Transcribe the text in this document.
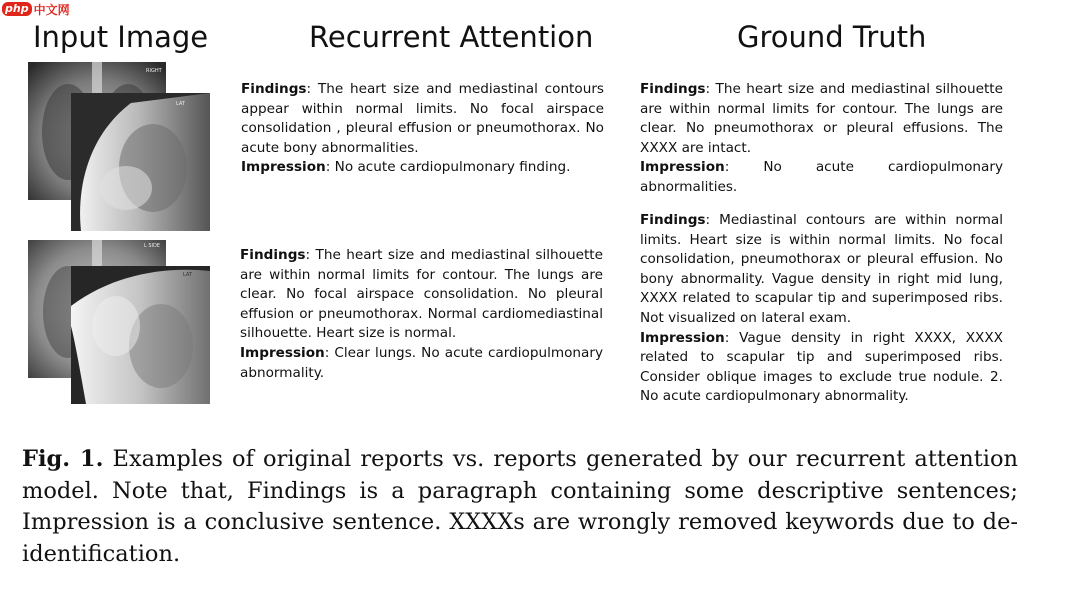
php 中文网
Input Image	Recurrent Attention	Ground Truth
RIGHT
LAT
L SIDE
LAT

Findings: The heart size and mediastinal contours appear within normal limits. No focal airspace consolidation , pleural effusion or pneumothorax. No acute bony abnormalities.

Impression: No acute cardiopulmonary finding.

Findings: The heart size and mediastinal silhouette are within normal limits for contour. The lungs are clear. No pneumothorax or pleural effusions. The XXXX are intact.

Impression: No acute cardiopulmonary abnormalities.

Findings: The heart size and mediastinal silhouette are within normal limits for contour. The lungs are clear. No focal airspace consolidation. No pleural effusion or pneumothorax. Normal cardiomediastinal silhouette. Heart size is normal.

Impression: Clear lungs. No acute cardiopulmonary abnormality.

Findings: Mediastinal contours are within normal limits. Heart size is within normal limits. No focal consolidation, pneumothorax or pleural effusion. No bony abnormality. Vague density in right mid lung, XXXX related to scapular tip and superimposed ribs. Not visualized on lateral exam.

Impression: Vague density in right XXXX, XXXX related to scapular tip and superimposed ribs. Consider oblique images to exclude true nodule. 2. No acute cardiopulmonary abnormality.

Fig. 1. Examples of original reports vs. reports generated by our recurrent attention model. Note that, Findings is a paragraph containing some descriptive sentences; Impression is a conclusive sentence. XXXXs are wrongly removed keywords due to de-identification.
